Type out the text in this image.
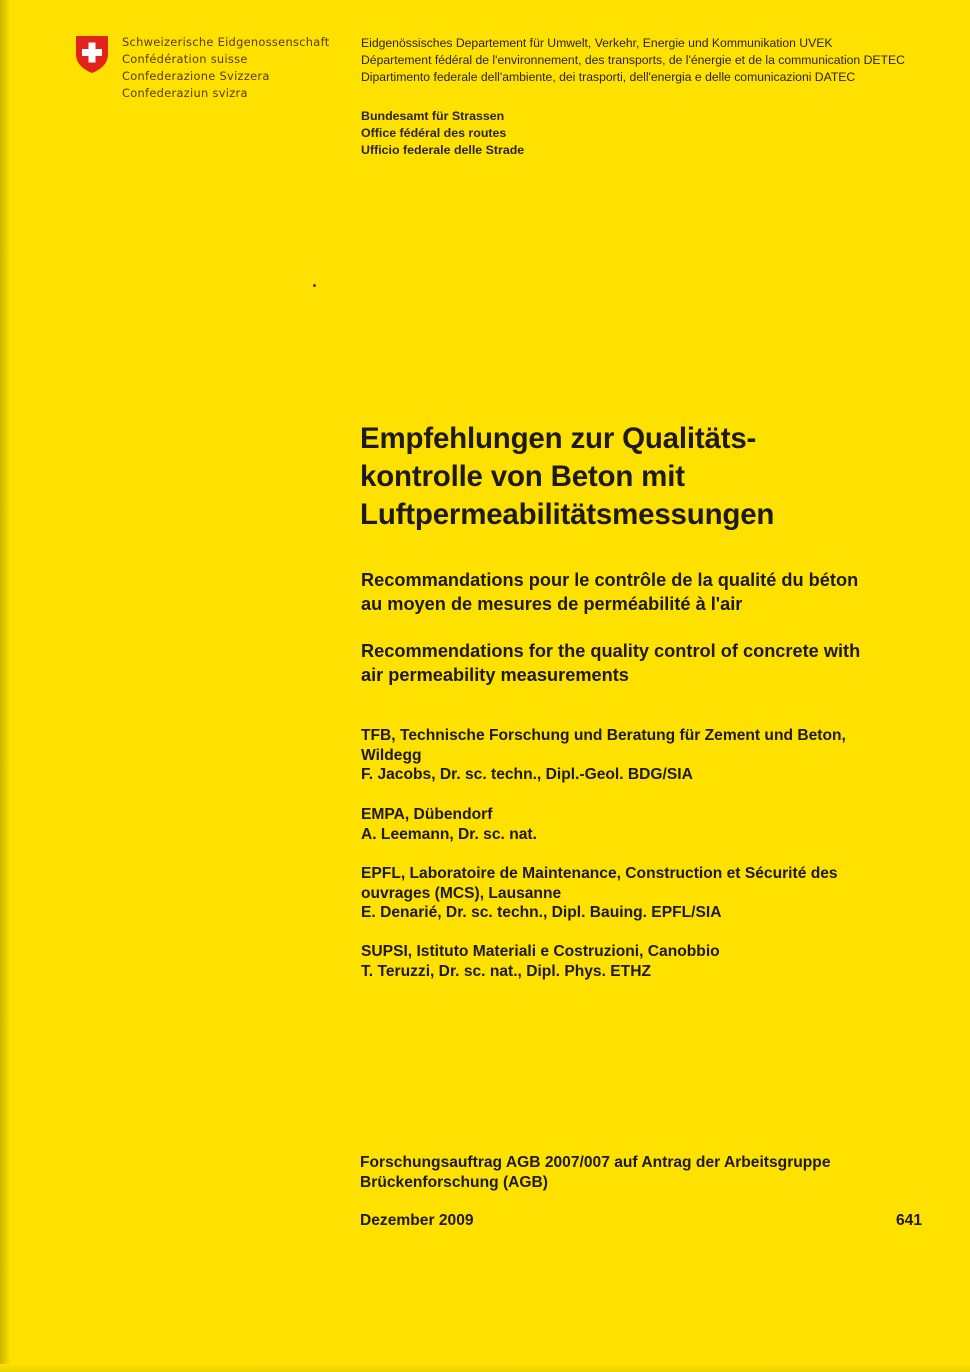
Schweizerische Eidgenossenschaft
Confédération suisse
Confederazione Svizzera
Confederaziun svizra
Eidgenössisches Departement für Umwelt, Verkehr, Energie und Kommunikation UVEK
Département fédéral de l'environnement, des transports, de l'énergie et de la communication DETEC
Dipartimento federale dell'ambiente, dei trasporti, dell'energia e delle comunicazioni DATEC
Bundesamt für Strassen
Office fédéral des routes
Ufficio federale delle Strade
Empfehlungen zur Qualitäts-
kontrolle von Beton mit
Luftpermeabilitätsmessungen
Recommandations pour le contrôle de la qualité du béton
au moyen de mesures de perméabilité à l'air
Recommendations for the quality control of concrete with
air permeability measurements
TFB, Technische Forschung und Beratung für Zement und Beton,
Wildegg
F. Jacobs, Dr. sc. techn., Dipl.-Geol. BDG/SIA
EMPA, Dübendorf
A. Leemann, Dr. sc. nat.
EPFL, Laboratoire de Maintenance, Construction et Sécurité des
ouvrages (MCS), Lausanne
E. Denarié, Dr. sc. techn., Dipl. Bauing. EPFL/SIA
SUPSI, Istituto Materiali e Costruzioni, Canobbio
T. Teruzzi, Dr. sc. nat., Dipl. Phys. ETHZ
Forschungsauftrag AGB 2007/007 auf Antrag der Arbeitsgruppe
Brückenforschung (AGB)
Dezember 2009	641
